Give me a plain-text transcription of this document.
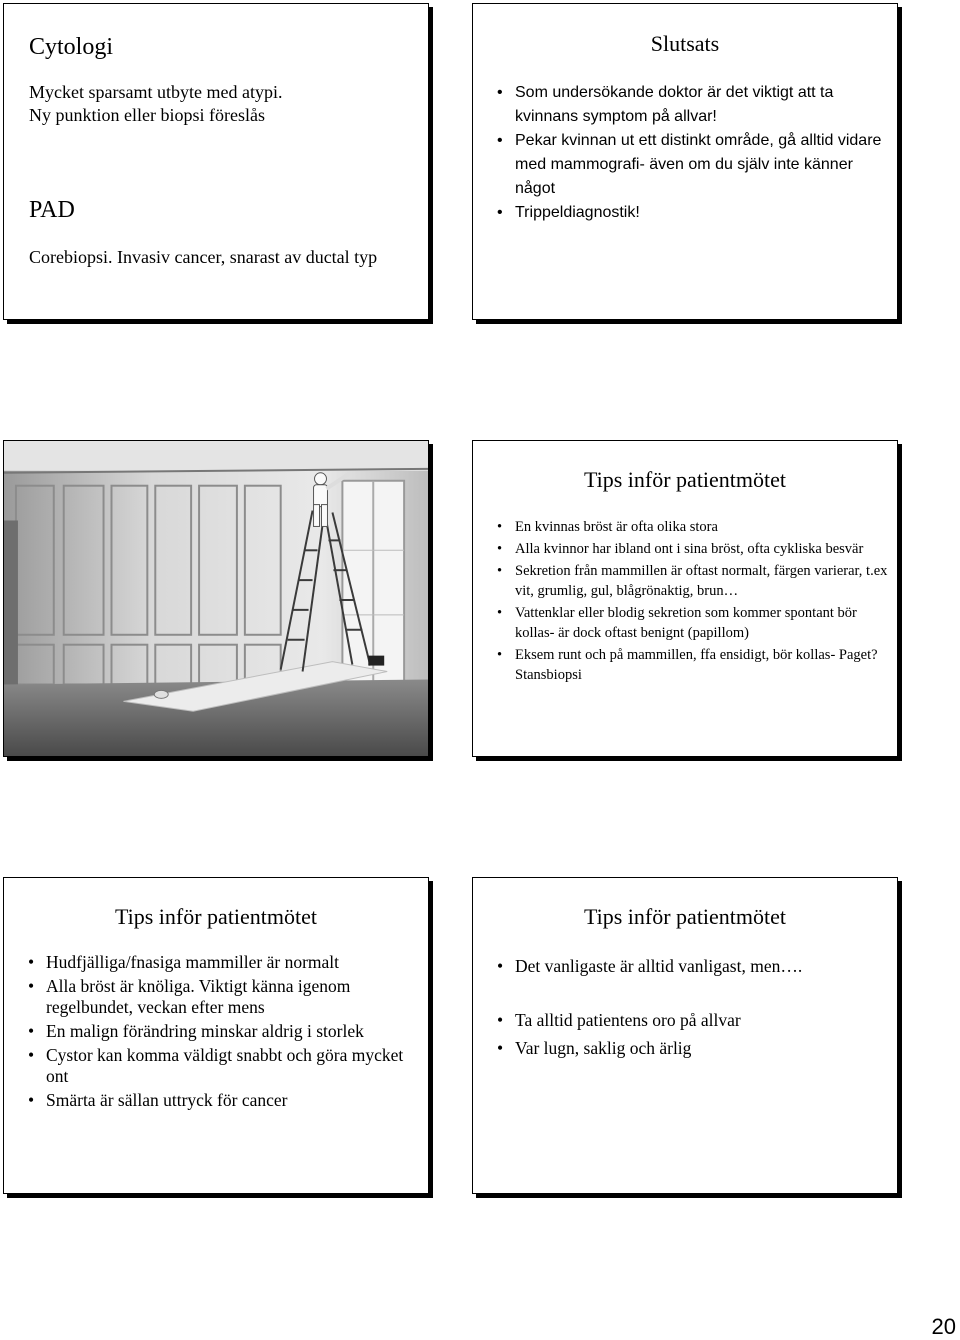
Cytologi
Mycket sparsamt utbyte med atypi.
Ny punktion eller biopsi föreslås
PAD
Corebiopsi. Invasiv cancer, snarast av ductal typ
Slutsats
• Som undersökande doktor är det viktigt att ta kvinnans symptom på allvar!
• Pekar kvinnan ut ett distinkt område, gå alltid vidare med mammografi- även om du själv inte känner något
• Trippeldiagnostik!
Tips inför patientmötet
• En kvinnas bröst är ofta olika stora
• Alla kvinnor har ibland ont i sina bröst, ofta cykliska besvär
• Sekretion från mammillen är oftast normalt, färgen varierar, t.ex vit, grumlig, gul, blågrönaktig, brun…
• Vattenklar eller blodig sekretion som kommer spontant bör kollas- är dock oftast benignt (papillom)
• Eksem runt och på mammillen, ffa ensidigt, bör kollas- Paget? Stansbiopsi
Tips inför patientmötet
• Hudfjälliga/fnasiga mammiller är normalt
• Alla bröst är knöliga. Viktigt känna igenom regelbundet, veckan efter mens
• En malign förändring minskar aldrig i storlek
• Cystor kan komma väldigt snabbt och göra mycket ont
• Smärta är sällan uttryck för cancer
Tips inför patientmötet
• Det vanligaste är alltid vanligast, men….
• Ta alltid patientens oro på allvar
• Var lugn, saklig och ärlig
20
